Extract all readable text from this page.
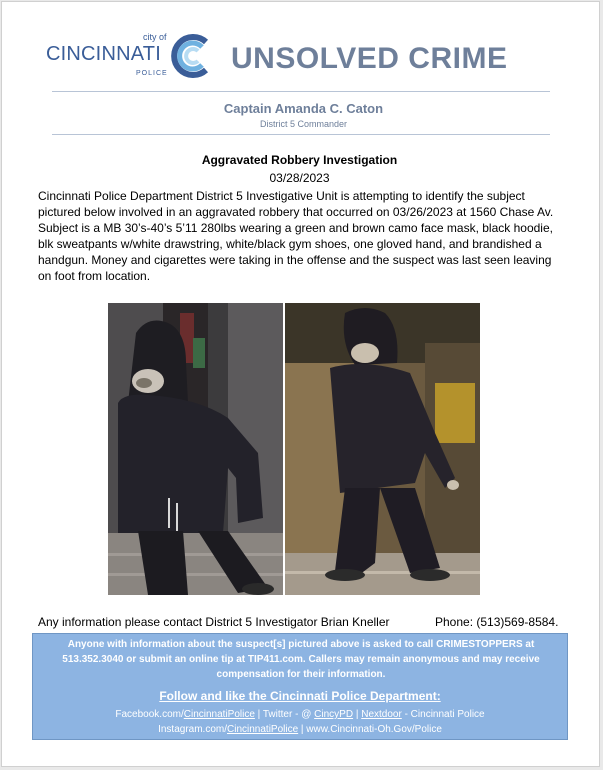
city of
CINCINNATI
POLICE UNSOLVED CRIME
Captain Amanda C. Caton
District 5 Commander
Aggravated Robbery Investigation
03/28/2023
Cincinnati Police Department District 5 Investigative Unit is attempting to identify the subject pictured below involved in an aggravated robbery that occurred on 03/26/2023 at 1560 Chase Av. Subject is a MB 30’s-40’s 5’11 280lbs wearing a green and brown camo face mask, black hoodie, blk sweatpants w/white drawstring, white/black gym shoes, one gloved hand, and brandished a handgun. Money and cigarettes were taking in the offense and the suspect was last seen leaving on foot from location.
Any information please contact District 5 Investigator Brian Kneller	Phone: (513)569-8584.
Anyone with information about the suspect[s] pictured above is asked to call CRIMESTOPPERS at 513.352.3040 or submit an online tip at TIP411.com. Callers may remain anonymous and may receive compensation for their information.
Follow and like the Cincinnati Police Department:
Facebook.com/CincinnatiPolice | Twitter - @ CincyPD | Nextdoor - Cincinnati Police
Instagram.com/CincinnatiPolice | www.Cincinnati-Oh.Gov/Police
